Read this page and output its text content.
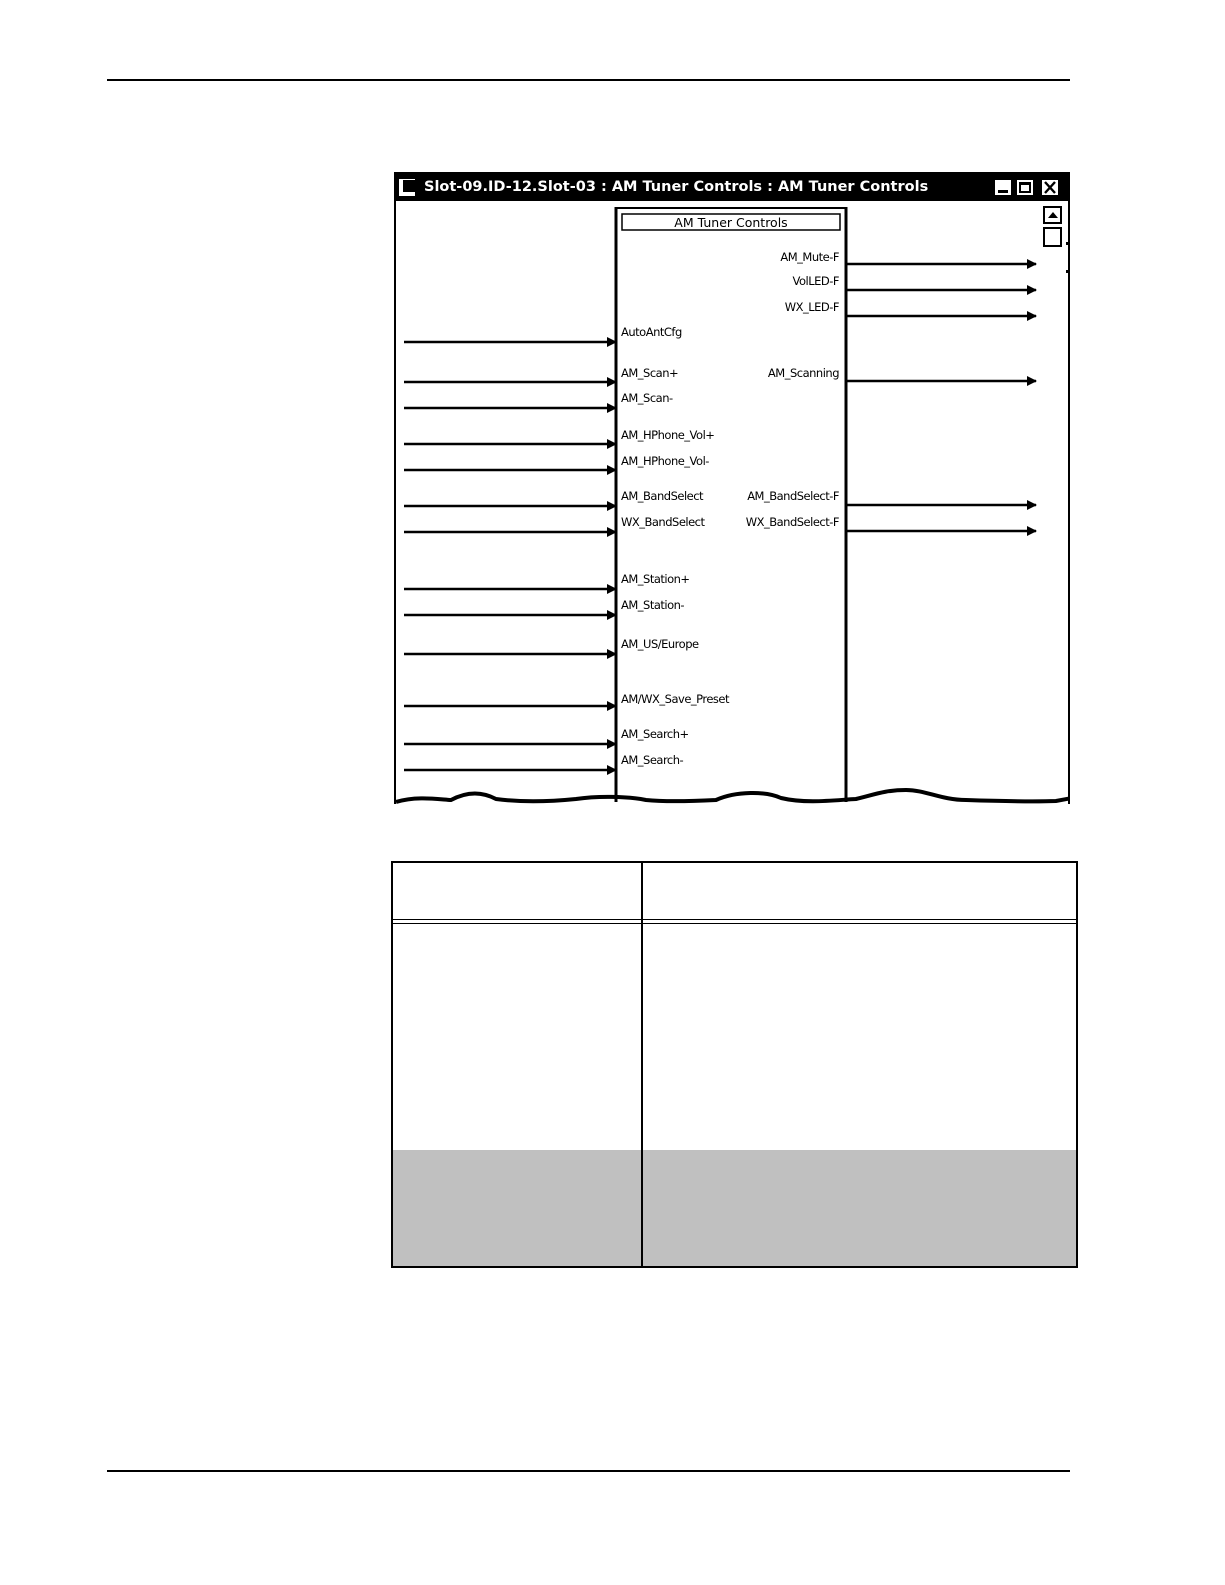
Slot-09.ID-12.Slot-03 : AM Tuner Controls : AM Tuner Controls
AM Tuner Controls
AutoAntCfg
AM_Scan+
AM_Scan-
AM_HPhone_Vol+
AM_HPhone_Vol-
AM_BandSelect
WX_BandSelect
AM_Station+
AM_Station-
AM_US/Europe
AM/WX_Save_Preset
AM_Search+
AM_Search-
AM_Mute-F
VolLED-F
WX_LED-F
AM_Scanning
AM_BandSelect-F
WX_BandSelect-F
